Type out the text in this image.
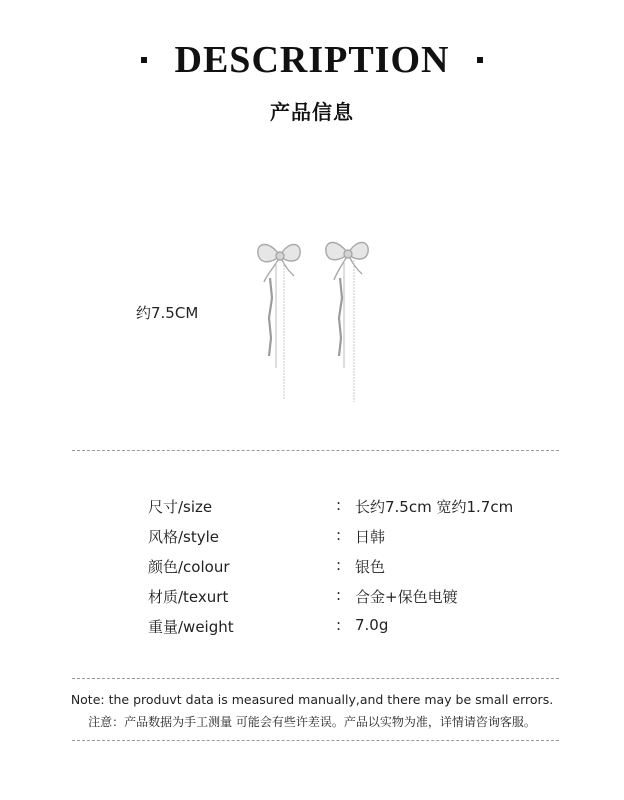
DESCRIPTION
产品信息
约7.5CM
尺寸/size	: 长约7.5cm 宽约1.7cm
风格/style	: 日韩
颜色/colour	: 银色
材质/texurt	: 合金+保色电镀
重量/weight	: 7.0g
Note: the produvt data is measured manually,and there may be small errors.
注意：产品数据为手工测量 可能会有些许差误。产品以实物为准，详情请咨询客服。
